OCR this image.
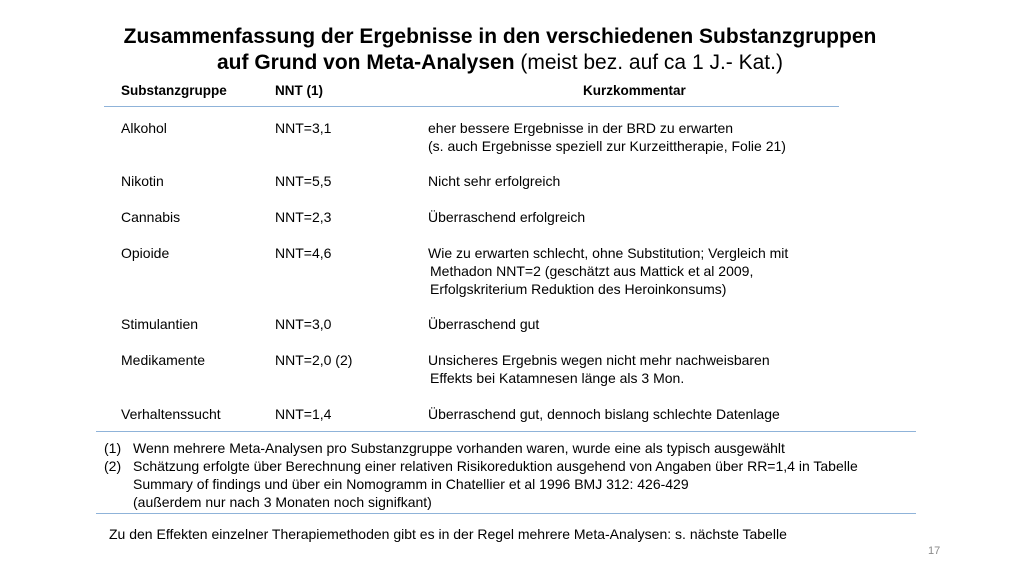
Zusammenfassung der Ergebnisse in den verschiedenen Substanzgruppen
auf Grund von Meta-Analysen (meist bez. auf ca 1 J.- Kat.)
Substanzgruppe	NNT (1)	Kurzkommentar
Alkohol	NNT=3,1	eher bessere Ergebnisse in der BRD zu erwarten
(s. auch Ergebnisse speziell zur Kurzeittherapie, Folie 21)
Nikotin	NNT=5,5	Nicht sehr erfolgreich
Cannabis	NNT=2,3	Überraschend erfolgreich
Opioide	NNT=4,6	Wie zu erwarten schlecht, ohne Substitution; Vergleich mit
Methadon NNT=2 (geschätzt aus Mattick et al 2009,
Erfolgskriterium Reduktion des Heroinkonsums)
Stimulantien	NNT=3,0	Überraschend gut
Medikamente	NNT=2,0 (2)	Unsicheres Ergebnis wegen nicht mehr nachweisbaren
Effekts bei Katamnesen länge als 3 Mon.
Verhaltenssucht	NNT=1,4	Überraschend gut, dennoch bislang schlechte Datenlage
(1) Wenn mehrere Meta-Analysen pro Substanzgruppe vorhanden waren, wurde eine als typisch ausgewählt
(2) Schätzung erfolgte über Berechnung einer relativen Risikoreduktion ausgehend von Angaben über RR=1,4 in Tabelle
Summary of findings und über ein Nomogramm in Chatellier et al 1996 BMJ 312: 426-429
(außerdem nur nach 3 Monaten noch signifkant)
Zu den Effekten einzelner Therapiemethoden gibt es in der Regel mehrere Meta-Analysen: s. nächste Tabelle
17
